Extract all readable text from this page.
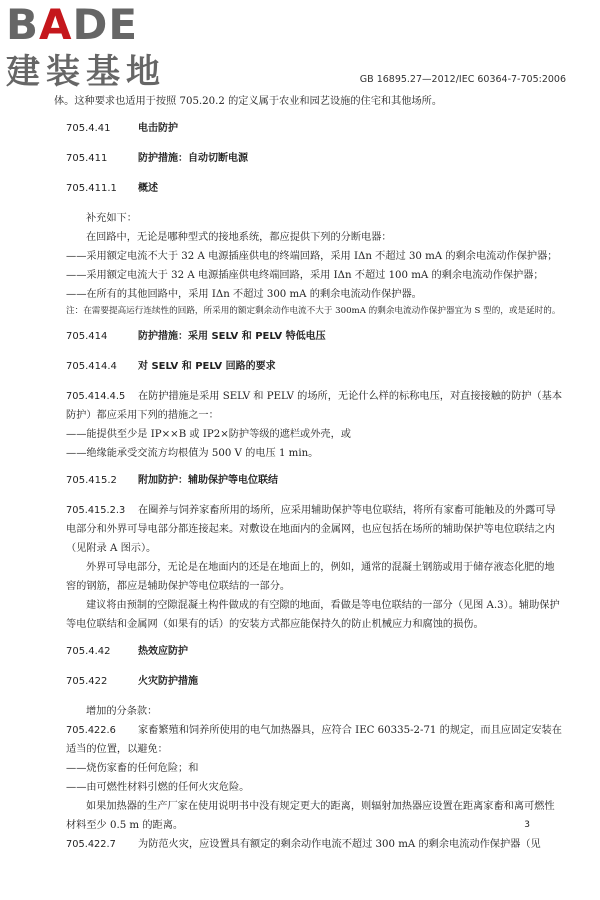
BADE
建装基地	GB 16895.27—2012/IEC 60364-7-705:2006

体。这种要求也适用于按照 705.20.2 的定义属于农业和园艺设施的住宅和其他场所。

705.4.41	电击防护

705.411	防护措施：自动切断电源

705.411.1 概述

补充如下：

在回路中，无论是哪种型式的接地系统，都应提供下列的分断电器：

——采用额定电流不大于 32 A 电源插座供电的终端回路，采用 IΔn 不超过 30 mA 的剩余电流动作保护器；

——采用额定电流大于 32 A 电源插座供电终端回路，采用 IΔn 不超过 100 mA 的剩余电流动作保护器；

——在所有的其他回路中，采用 IΔn 不超过 300 mA 的剩余电流动作保护器。

注：在需要提高运行连续性的回路，所采用的额定剩余动作电流不大于 300mA 的剩余电流动作保护器宜为 S 型的，或是延时的。

705.414	防护措施：采用 SELV 和 PELV 特低电压

705.414.4 对 SELV 和 PELV 回路的要求

705.414.4.5 在防护措施是采用 SELV 和 PELV 的场所，无论什么样的标称电压，对直接接触的防护（基本防护）都应采用下列的措施之一：

——能提供至少是 IP××B 或 IP2×防护等级的遮栏或外壳，或

——绝缘能承受交流方均根值为 500 V 的电压 1 min。

705.415.2 附加防护：辅助保护等电位联结

705.415.2.3 在圈养与饲养家畜所用的场所，应采用辅助保护等电位联结，将所有家畜可能触及的外露可导电部分和外界可导电部分都连接起来。对敷设在地面内的金属网，也应包括在场所的辅助保护等电位联结之内（见附录 A 图示）。

外界可导电部分，无论是在地面内的还是在地面上的，例如，通常的混凝土钢筋或用于储存液态化肥的地窖的钢筋，都应是辅助保护等电位联结的一部分。

建议将由预制的空隙混凝土构件做成的有空隙的地面，看做是等电位联结的一部分（见图 A.3）。辅助保护等电位联结和金属网（如果有的话）的安装方式都应能保持久的防止机械应力和腐蚀的损伤。

705.4.42	热效应防护

705.422	火灾防护措施

增加的分条款：

705.422.6 家畜繁殖和饲养所使用的电气加热器具，应符合 IEC 60335-2-71 的规定，而且应固定安装在适当的位置，以避免：

——烧伤家畜的任何危险；和

——由可燃性材料引燃的任何火灾危险。

如果加热器的生产厂家在使用说明书中没有规定更大的距离，则辐射加热器应设置在距离家畜和离可燃性材料至少 0.5 m 的距离。

705.422.7 为防范火灾，应设置具有额定的剩余动作电流不超过 300 mA 的剩余电流动作保护器（见

3
